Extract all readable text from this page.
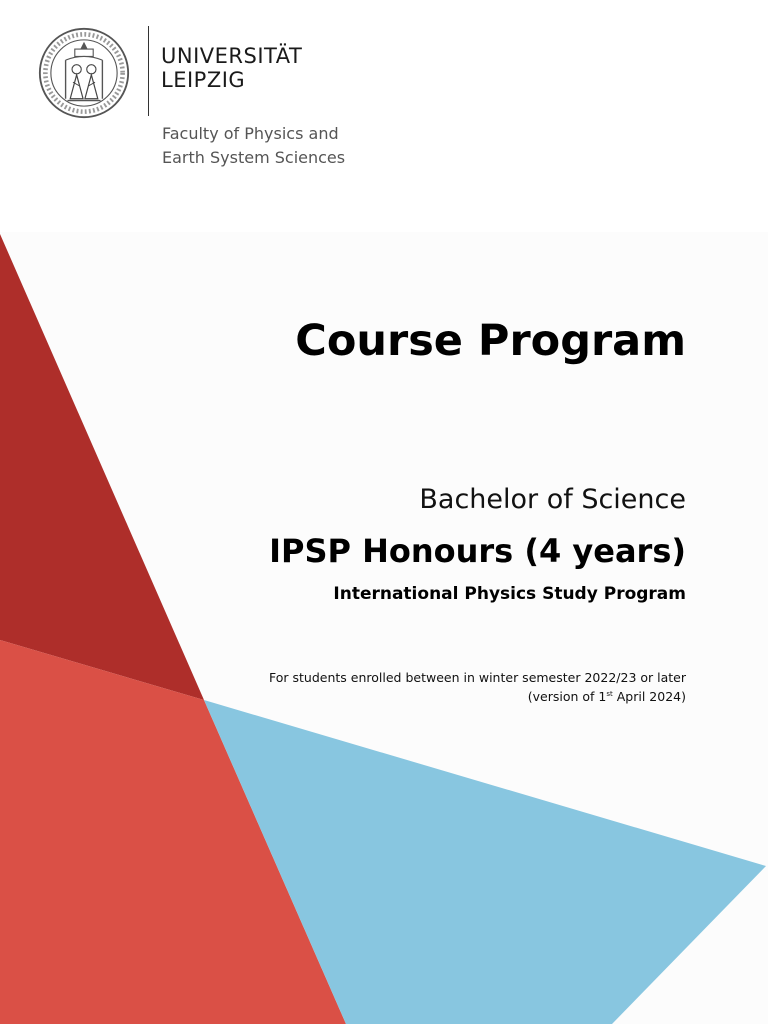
UNIVERSITÄT
LEIPZIG
Faculty of Physics and
Earth System Sciences
Course Program
Bachelor of Science
IPSP Honours (4 years)
International Physics Study Program
For students enrolled between in winter semester 2022/23 or later
(version of 1st April 2024)
